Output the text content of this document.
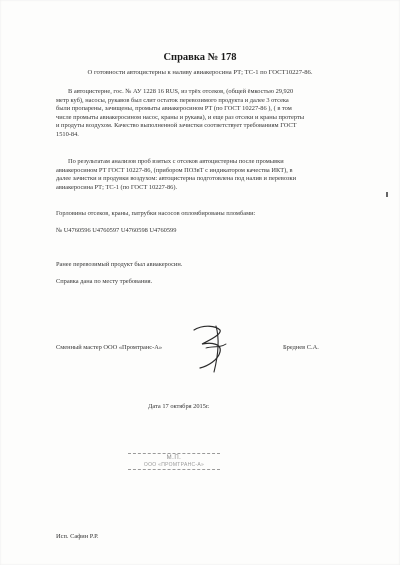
Справка № 178
О готовности автоцистерны к наливу авиакеросина РТ; ТС-1 по ГОСТ10227-86.
В автоцистерне, гос. № АУ 1228 16 RUS, из трёх отсеков, (общей ёмкостью 29,920
метр куб), насосы, рукавов был слит остаток перевозимого продукта и далее 3 отсека
были пропарены, зачищены, промыты авиакеросином РТ (по ГОСТ 10227-86 ), ( в том
числе промыты авиакеросином насос, краны и рукава), и еще раз отсеки и краны протерты
и продуты воздухом. Качество выполненной зачистки соответствует требованиям ГОСТ
1510-84.
По результатам анализов проб взятых с отсеков автоцистерны после промывки
авиакеросином РТ ГОСТ 10227-86, (прибором ПОЗвТ с индикатором качества ИКТ), в
далее зачистки и продувки воздухом: автоцистерна подготовлена под налив и перевозки
авиакеросина РТ; ТС-1 (по ГОСТ 10227-86).
Горловины отсеков, краны, патрубки насосов опломбированы пломбами:
№ U4760596 U4760597 U4760598 U4760599
Ранее перевозимый продукт был авиакеросин.
Справка дана по месту требования.
Сменный мастер ООО «Промтранс-А»	Бреднев С.А.
Дата 17 октября 2015г.
М.П.
ООО «ПРОМТРАНС-А»
Исп. Сафин Р.Р.
